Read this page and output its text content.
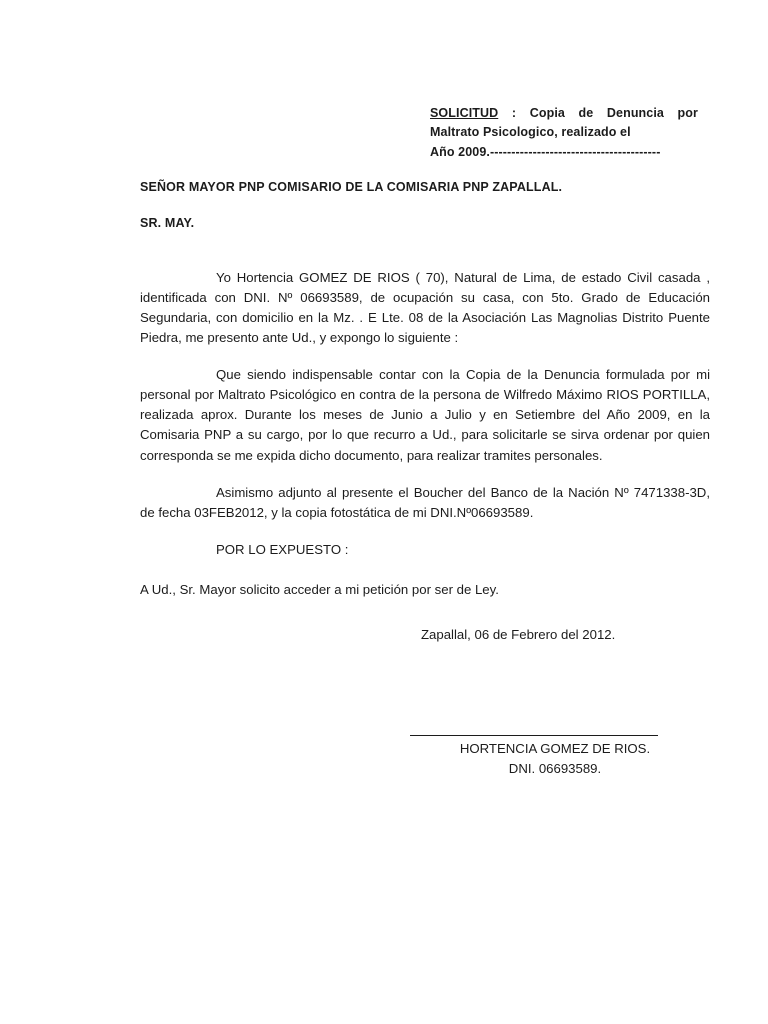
SOLICITUD : Copia de Denuncia por Maltrato Psicologico, realizado el
Año 2009.----------------------------------------
SEÑOR MAYOR PNP COMISARIO DE LA COMISARIA PNP ZAPALLAL.
SR. MAY.

Yo Hortencia GOMEZ DE RIOS ( 70), Natural de Lima, de estado Civil casada , identificada con DNI. Nº 06693589, de ocupación su casa, con 5to. Grado de Educación Segundaria, con domicilio en la Mz. . E Lte. 08 de la Asociación Las Magnolias Distrito Puente Piedra, me presento ante Ud., y expongo lo siguiente :

Que siendo indispensable contar con la Copia de la Denuncia formulada por mi personal por Maltrato Psicológico en contra de la persona de Wilfredo Máximo RIOS PORTILLA, realizada aprox. Durante los meses de Junio a Julio y en Setiembre del Año 2009, en la Comisaria PNP a su cargo, por lo que recurro a Ud., para solicitarle se sirva ordenar por quien corresponda se me expida dicho documento, para realizar tramites personales.

Asimismo adjunto al presente el Boucher del Banco de la Nación Nº 7471338-3D, de fecha 03FEB2012, y la copia fotostática de mi DNI.Nº06693589.

POR LO EXPUESTO :

A Ud., Sr. Mayor solicito acceder a mi petición por ser de Ley.

Zapallal, 06 de Febrero del 2012.

HORTENCIA GOMEZ DE RIOS.

DNI. 06693589.
